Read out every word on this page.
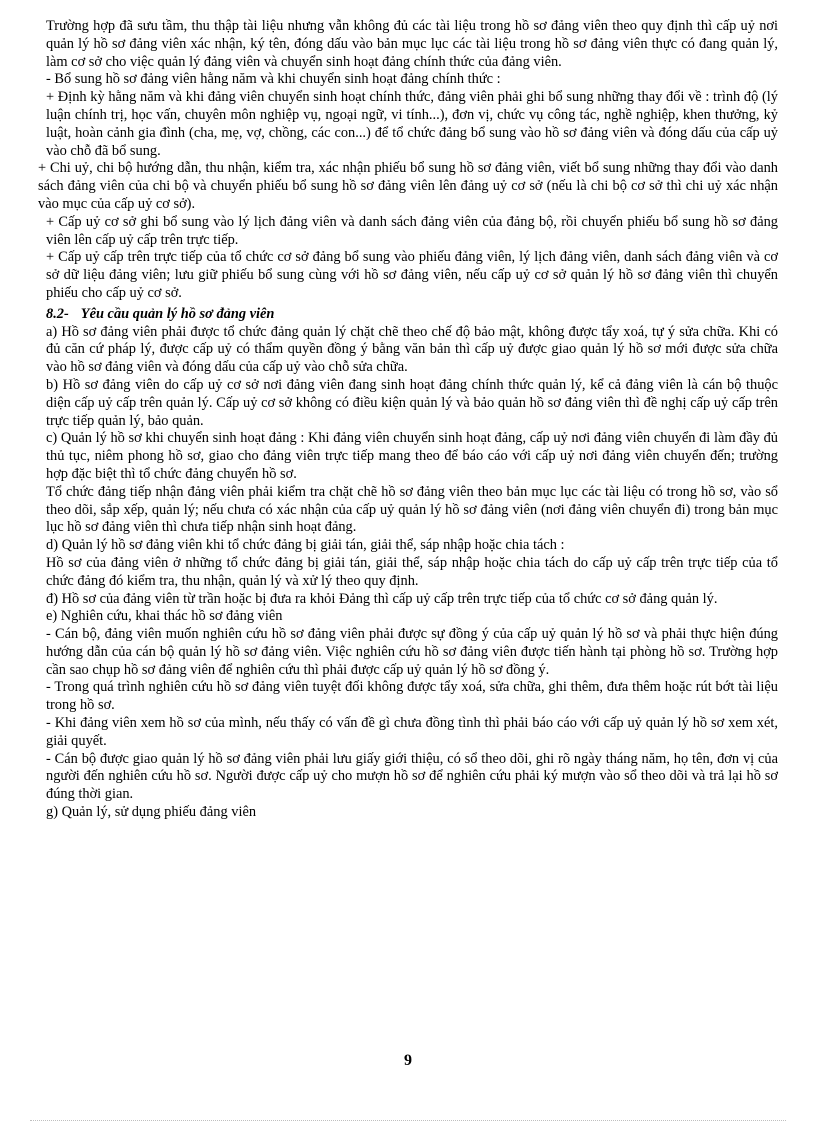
Trường hợp đã sưu tầm, thu thập tài liệu nhưng vẫn không đủ các tài liệu trong hồ sơ đảng viên theo quy định thì cấp uỷ nơi quản lý hồ sơ đảng viên xác nhận, ký tên, đóng dấu vào bản mục lục các tài liệu trong hồ sơ đảng viên thực có đang quản lý, làm cơ sở cho việc quản lý đảng viên và chuyển sinh hoạt đảng chính thức của đảng viên.

- Bổ sung hồ sơ đảng viên hằng năm và khi chuyển sinh hoạt đảng chính thức :

+ Định kỳ hằng năm và khi đảng viên chuyển sinh hoạt chính thức, đảng viên phải ghi bổ sung những thay đổi về : trình độ (lý luận chính trị, học vấn, chuyên môn nghiệp vụ, ngoại ngữ, vi tính...), đơn vị, chức vụ công tác, nghề nghiệp, khen thưởng, kỷ luật, hoàn cảnh gia đình (cha, mẹ, vợ, chồng, các con...) để tổ chức đảng bổ sung vào hồ sơ đảng viên và đóng dấu của cấp uỷ vào chỗ đã bổ sung.

+ Chi uỷ, chi bộ hướng dẫn, thu nhận, kiểm tra, xác nhận phiếu bổ sung hồ sơ đảng viên, viết bổ sung những thay đổi vào danh sách đảng viên của chi bộ và chuyển phiếu bổ sung hồ sơ đảng viên lên đảng uỷ cơ sở (nếu là chi bộ cơ sở thì chi uỷ xác nhận vào mục của cấp uỷ cơ sở).

+ Cấp uỷ cơ sở ghi bổ sung vào lý lịch đảng viên và danh sách đảng viên của đảng bộ, rồi chuyển phiếu bổ sung hồ sơ đảng viên lên cấp uỷ cấp trên trực tiếp.

+ Cấp uỷ cấp trên trực tiếp của tổ chức cơ sở đảng bổ sung vào phiếu đảng viên, lý lịch đảng viên, danh sách đảng viên và cơ sở dữ liệu đảng viên; lưu giữ phiếu bổ sung cùng với hồ sơ đảng viên, nếu cấp uỷ cơ sở quản lý hồ sơ đảng viên thì chuyển phiếu cho cấp uỷ cơ sở.

8.2- Yêu cầu quản lý hồ sơ đảng viên

a) Hồ sơ đảng viên phải được tổ chức đảng quản lý chặt chẽ theo chế độ bảo mật, không được tẩy xoá, tự ý sửa chữa. Khi có đủ căn cứ pháp lý, được cấp uỷ có thẩm quyền đồng ý bằng văn bản thì cấp uỷ được giao quản lý hồ sơ mới được sửa chữa vào hồ sơ đảng viên và đóng dấu của cấp uỷ vào chỗ sửa chữa.

b) Hồ sơ đảng viên do cấp uỷ cơ sở nơi đảng viên đang sinh hoạt đảng chính thức quản lý, kể cả đảng viên là cán bộ thuộc diện cấp uỷ cấp trên quản lý. Cấp uỷ cơ sở không có điều kiện quản lý và bảo quản hồ sơ đảng viên thì đề nghị cấp uỷ cấp trên trực tiếp quản lý, bảo quản.

c) Quản lý hồ sơ khi chuyển sinh hoạt đảng : Khi đảng viên chuyển sinh hoạt đảng, cấp uỷ nơi đảng viên chuyển đi làm đầy đủ thủ tục, niêm phong hồ sơ, giao cho đảng viên trực tiếp mang theo để báo cáo với cấp uỷ nơi đảng viên chuyển đến; trường hợp đặc biệt thì tổ chức đảng chuyển hồ sơ.

Tổ chức đảng tiếp nhận đảng viên phải kiểm tra chặt chẽ hồ sơ đảng viên theo bản mục lục các tài liệu có trong hồ sơ, vào sổ theo dõi, sắp xếp, quản lý; nếu chưa có xác nhận của cấp uỷ quản lý hồ sơ đảng viên (nơi đảng viên chuyển đi) trong bản mục lục hồ sơ đảng viên thì chưa tiếp nhận sinh hoạt đảng.

d) Quản lý hồ sơ đảng viên khi tổ chức đảng bị giải tán, giải thể, sáp nhập hoặc chia tách :

Hồ sơ của đảng viên ở những tổ chức đảng bị giải tán, giải thể, sáp nhập hoặc chia tách do cấp uỷ cấp trên trực tiếp của tổ chức đảng đó kiểm tra, thu nhận, quản lý và xử lý theo quy định.

đ) Hồ sơ của đảng viên từ trần hoặc bị đưa ra khỏi Đảng thì cấp uỷ cấp trên trực tiếp của tổ chức cơ sở đảng quản lý.

e) Nghiên cứu, khai thác hồ sơ đảng viên

- Cán bộ, đảng viên muốn nghiên cứu hồ sơ đảng viên phải được sự đồng ý của cấp uỷ quản lý hồ sơ và phải thực hiện đúng hướng dẫn của cán bộ quản lý hồ sơ đảng viên. Việc nghiên cứu hồ sơ đảng viên được tiến hành tại phòng hồ sơ. Trường hợp cần sao chụp hồ sơ đảng viên để nghiên cứu thì phải được cấp uỷ quản lý hồ sơ đồng ý.

- Trong quá trình nghiên cứu hồ sơ đảng viên tuyệt đối không được tẩy xoá, sửa chữa, ghi thêm, đưa thêm hoặc rút bớt tài liệu trong hồ sơ.

- Khi đảng viên xem hồ sơ của mình, nếu thấy có vấn đề gì chưa đồng tình thì phải báo cáo với cấp uỷ quản lý hồ sơ xem xét, giải quyết.

- Cán bộ được giao quản lý hồ sơ đảng viên phải lưu giấy giới thiệu, có sổ theo dõi, ghi rõ ngày tháng năm, họ tên, đơn vị của người đến nghiên cứu hồ sơ. Người được cấp uỷ cho mượn hồ sơ để nghiên cứu phải ký mượn vào sổ theo dõi và trả lại hồ sơ đúng thời gian.

g) Quản lý, sử dụng phiếu đảng viên

9
